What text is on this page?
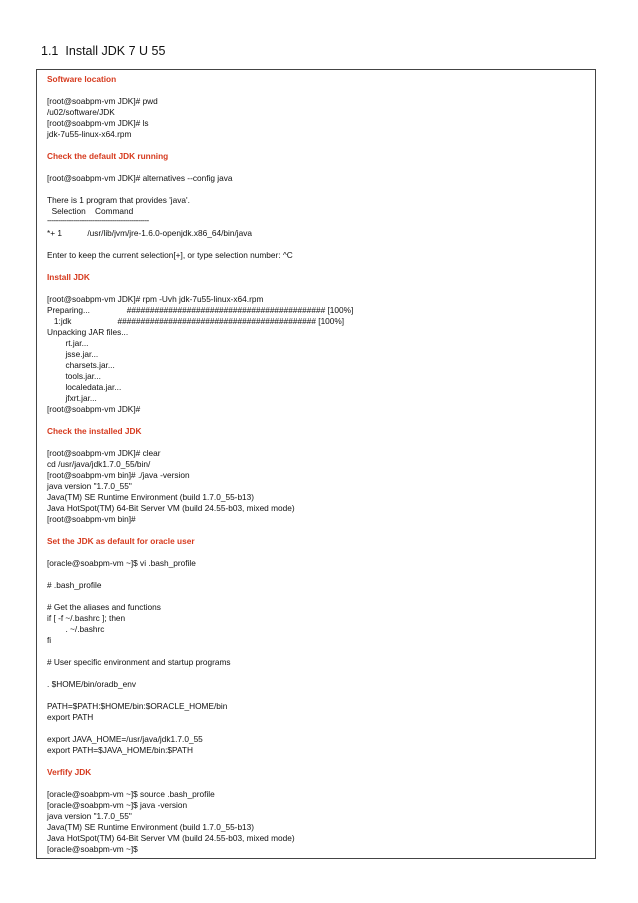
1.1 Install JDK 7 U 55
Software location
[root@soabpm-vm JDK]# pwd
/u02/software/JDK
[root@soabpm-vm JDK]# ls
jdk-7u55-linux-x64.rpm
Check the default JDK running
[root@soabpm-vm JDK]# alternatives --config java
There is 1 program that provides 'java'.
Selection    Command
-----------------------------------------------
*+ 1           /usr/lib/jvm/jre-1.6.0-openjdk.x86_64/bin/java
Enter to keep the current selection[+], or type selection number: ^C
Install JDK
[root@soabpm-vm JDK]# rpm -Uvh jdk-7u55-linux-x64.rpm
Preparing...                ########################################### [100%]
1:jdk                    ########################################### [100%]
Unpacking JAR files...
rt.jar...
jsse.jar...
charsets.jar...
tools.jar...
localedata.jar...
jfxrt.jar...
[root@soabpm-vm JDK]#
Check the installed JDK
[root@soabpm-vm JDK]# clear
cd /usr/java/jdk1.7.0_55/bin/
[root@soabpm-vm bin]# ./java -version
java version "1.7.0_55"
Java(TM) SE Runtime Environment (build 1.7.0_55-b13)
Java HotSpot(TM) 64-Bit Server VM (build 24.55-b03, mixed mode)
[root@soabpm-vm bin]#
Set the JDK as default for oracle user
[oracle@soabpm-vm ~]$ vi .bash_profile
# .bash_profile
# Get the aliases and functions
if [ -f ~/.bashrc ]; then
. ~/.bashrc
fi
# User specific environment and startup programs
. $HOME/bin/oradb_env
PATH=$PATH:$HOME/bin:$ORACLE_HOME/bin
export PATH
export JAVA_HOME=/usr/java/jdk1.7.0_55
export PATH=$JAVA_HOME/bin:$PATH
Verfify JDK
[oracle@soabpm-vm ~]$ source .bash_profile
[oracle@soabpm-vm ~]$ java -version
java version "1.7.0_55"
Java(TM) SE Runtime Environment (build 1.7.0_55-b13)
Java HotSpot(TM) 64-Bit Server VM (build 24.55-b03, mixed mode)
[oracle@soabpm-vm ~]$
